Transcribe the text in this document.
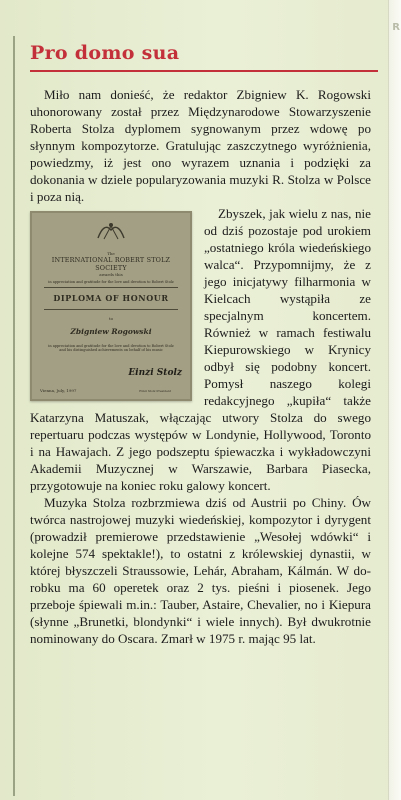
R
Pro domo sua

Miło nam donieść, że redaktor Zbigniew K. Rogowski uhonorowany został przez Międzynarodowe Stowarzyszenie Roberta Stolza dyplomem sygnowanym przez wdowę po słynnym kompozytorze. Gratulując zaszczytnego wyróżnienia, powiedzmy, iż jest ono wyrazem uznania i podzięki za dokonania w dziele popularyzowania muzyki R. Stolza w Polsce i poza nią.

The
INTERNATIONAL ROBERT STOLZ SOCIETY
awards this
in appreciation and gratitude for the love and devotion to Robert Stolz
DIPLOMA OF HONOUR
to
Zbigniew Rogowski
in appreciation and gratitude for the love and devotion to Robert Stolz and his distinguished achievements on behalf of his music
Vienna, July, 1997
Einzi Stolz
Einzi Stolz President

Zbyszek, jak wielu z nas, nie od dziś pozostaje pod urokiem „ostatniego króla wiedeńskiego walca“. Przypomnijmy, że z jego inicjatywy filharmonia w Kielcach wystąpiła ze specjalnym koncertem. Również w ramach festiwalu Kiepurowskiego w Krynicy odbył się podobny koncert. Pomysł naszego kolegi redakcyjnego „kupiła“ także Katarzyna Matuszak, włączając utwory Stolza do swego repertuaru podczas występów w Londynie, Hollywood, Toronto i na Hawajach. Z jego podszeptu śpiewaczka i wykładowczyni Akademii Muzycznej w Warszawie, Barbara Piasecka, przygotowuje na koniec roku galowy koncert.

Muzyka Stolza rozbrzmiewa dziś od Austrii po Chiny. Ów twórca nastrojowej muzyki wiedeńskiej, kompozytor i dyrygent (prowadził premierowe przedstawienie „Wesołej wdówki“ i kolejne 574 spektakle!), to ostatni z królewskiej dynastii, w której błyszczeli Straussowie, Lehár, Abraham, Kálmán. W dorobku ma 60 operetek oraz 2 tys. pieśni i piosenek. Jego przeboje śpiewali m.in.: Tauber, Astaire, Chevalier, no i Kiepura (słynne „Brunetki, blondynki“ i wiele innych). Był dwukrotnie nominowany do Oscara. Zmarł w 1975 r. mając 95 lat.
